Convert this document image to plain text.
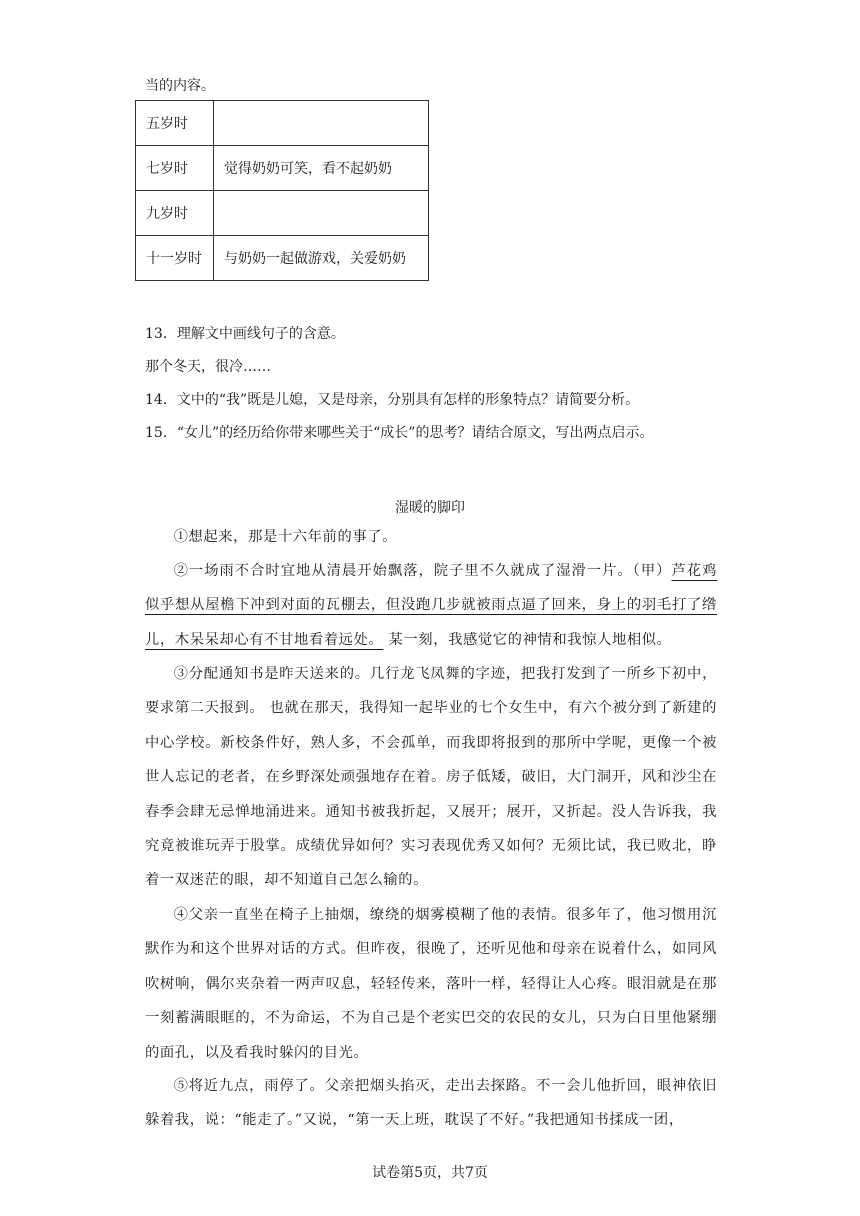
当的内容。
五岁时	
七岁时	觉得奶奶可笑，看不起奶奶
九岁时	
十一岁时	与奶奶一起做游戏，关爱奶奶
13．理解文中画线句子的含意。
那个冬天，很冷……
14．文中的“我”既是儿媳，又是母亲，分别具有怎样的形象特点？请简要分析。
15．“女儿”的经历给你带来哪些关于“成长”的思考？请结合原文，写出两点启示。
湿暖的脚印

①想起来，那是十六年前的事了。

②一场雨不合时宜地从清晨开始飘落，院子里不久就成了湿滑一片。（甲）芦花鸡似乎想从屋檐下冲到对面的瓦棚去，但没跑几步就被雨点逼了回来，身上的羽毛打了绺儿，木呆呆却心有不甘地看着远处。 某一刻，我感觉它的神情和我惊人地相似。

③分配通知书是昨天送来的。几行龙飞凤舞的字迹，把我打发到了一所乡下初中，要求第二天报到。 也就在那天，我得知一起毕业的七个女生中，有六个被分到了新建的中心学校。新校条件好，熟人多，不会孤单，而我即将报到的那所中学呢，更像一个被世人忘记的老者，在乡野深处顽强地存在着。房子低矮，破旧，大门洞开，风和沙尘在春季会肆无忌惮地涌进来。通知书被我折起，又展开；展开，又折起。没人告诉我，我究竟被谁玩弄于股掌。成绩优异如何？实习表现优秀又如何？无须比试，我已败北，睁着一双迷茫的眼，却不知道自己怎么输的。

④父亲一直坐在椅子上抽烟，缭绕的烟雾模糊了他的表情。很多年了，他习惯用沉默作为和这个世界对话的方式。但昨夜，很晚了，还听见他和母亲在说着什么，如同风吹树响，偶尔夹杂着一两声叹息，轻轻传来，落叶一样，轻得让人心疼。眼泪就是在那一刻蓄满眼眶的，不为命运，不为自己是个老实巴交的农民的女儿，只为白日里他紧绷的面孔，以及看我时躲闪的目光。

⑤将近九点，雨停了。父亲把烟头掐灭，走出去探路。不一会儿他折回，眼神依旧躲着我，说：“能走了。”又说，“第一天上班，耽误了不好。”我把通知书揉成一团，

试卷第5页，共7页
